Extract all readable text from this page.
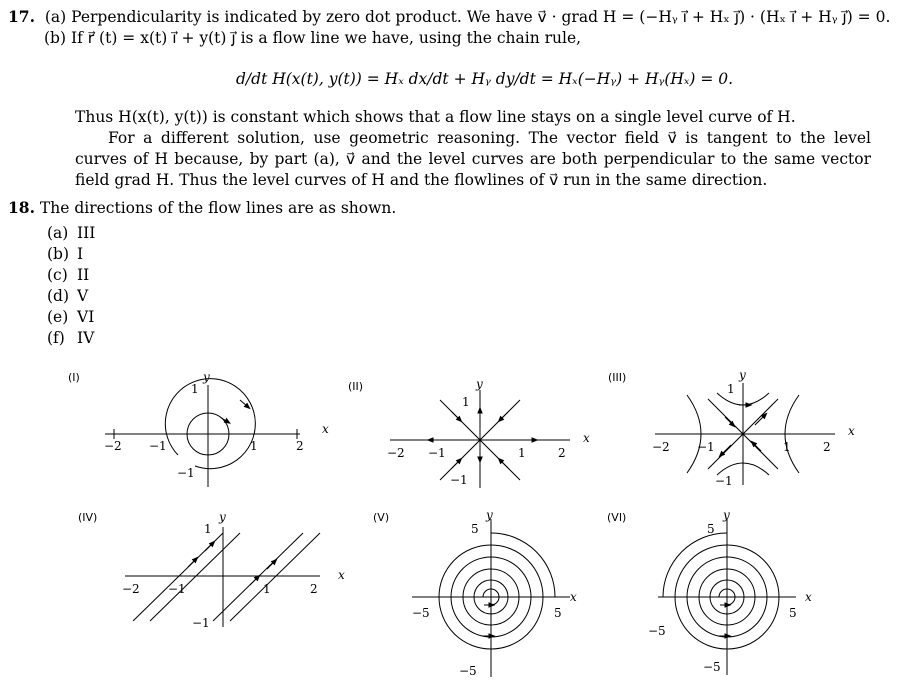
17. (a) Perpendicularity is indicated by zero dot product. We have v⃗ · grad H = (−Hᵧ i⃗ + Hₓ j⃗) · (Hₓ i⃗ + Hᵧ j⃗) = 0.
(b) If r⃗ (t) = x(t) i⃗ + y(t) j⃗ is a flow line we have, using the chain rule,
d/dt H(x(t), y(t)) = Hₓ dx/dt + Hᵧ dy/dt = Hₓ(−Hᵧ) + Hᵧ(Hₓ) = 0.
Thus H(x(t), y(t)) is constant which shows that a flow line stays on a single level curve of H.
For a different solution, use geometric reasoning. The vector field v⃗ is tangent to the level curves of H because, by part (a), v⃗ and the level curves are both perpendicular to the same vector field grad H. Thus the level curves of H and the flowlines of v⃗ run in the same direction.
18. The directions of the flow lines are as shown.
(a) III
(b) I
(c) II
(d) V
(e) VI
(f) IV
(I)
−2 −1	1	2
1
−1
x
y
(II)
−2 −1	1	2
1
−1
x
y	(III)
−2 −1	1	2
1
−1
x
y
(IV)
−2 −1	1	2
1
−1
x
y	(V)
−5	5
5
−5
x
y	(VI)
−5
5
5
−5
x
y
